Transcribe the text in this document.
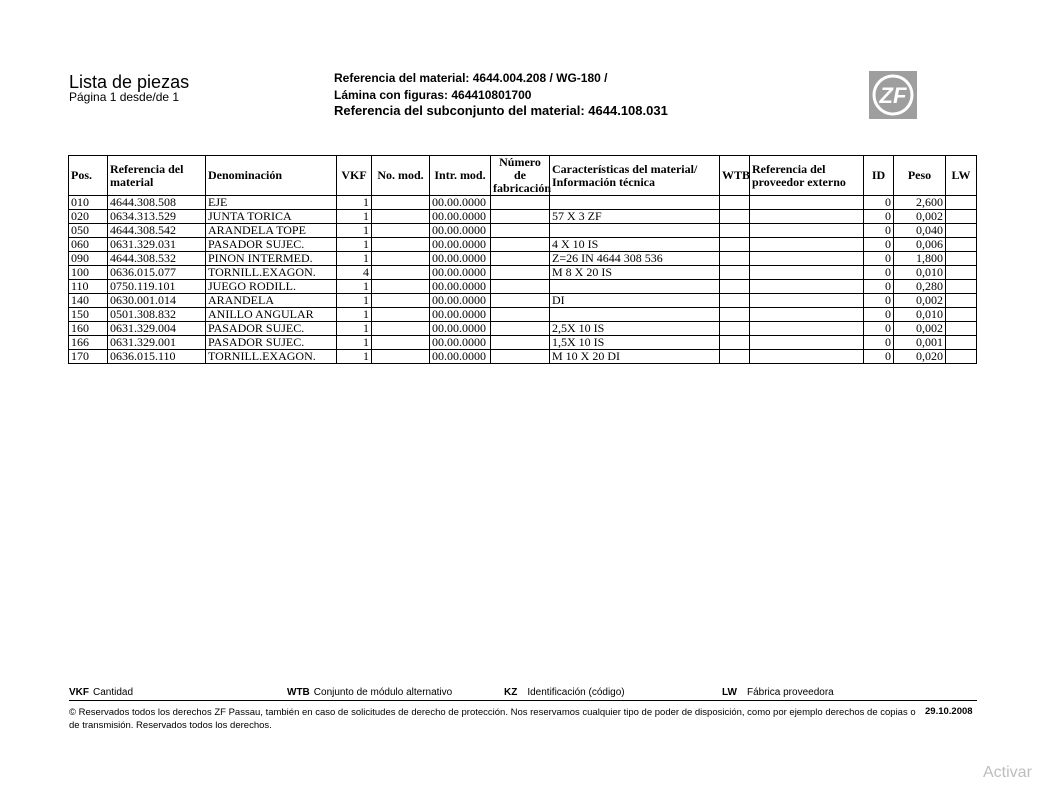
Lista de piezas
Página 1 desde/de 1
Referencia del material: 4644.004.208 / WG-180 /
Lámina con figuras: 464410801700
Referencia del subconjunto del material: 4644.108.031
ZF
Pos.	Referencia del material	Denominación	VKF	No. mod.	Intr. mod.	Número de fabricación	Características del material/ Información técnica	WTB	Referencia del proveedor externo	ID	Peso	LW
010	4644.308.508	EJE	1		00.00.0000					0	2,600	
020	0634.313.529	JUNTA TORICA	1		00.00.0000		57 X 3 ZF			0	0,002	
050	4644.308.542	ARANDELA TOPE	1		00.00.0000					0	0,040	
060	0631.329.031	PASADOR SUJEC.	1		00.00.0000		4 X 10 IS			0	0,006	
090	4644.308.532	PINON INTERMED.	1		00.00.0000		Z=26 IN 4644 308 536			0	1,800	
100	0636.015.077	TORNILL.EXAGON.	4		00.00.0000		M 8 X 20 IS			0	0,010	
110	0750.119.101	JUEGO RODILL.	1		00.00.0000					0	0,280	
140	0630.001.014	ARANDELA	1		00.00.0000		DI			0	0,002	
150	0501.308.832	ANILLO ANGULAR	1		00.00.0000					0	0,010	
160	0631.329.004	PASADOR SUJEC.	1		00.00.0000		2,5X 10 IS			0	0,002	
166	0631.329.001	PASADOR SUJEC.	1		00.00.0000		1,5X 10 IS			0	0,001	
170	0636.015.110	TORNILL.EXAGON.	1		00.00.0000		M 10 X 20 DI			0	0,020	
VKF Cantidad	WTB Conjunto de módulo alternativo	KZ Identificación (código)	LW Fábrica proveedora
© Reservados todos los derechos ZF Passau, también en caso de solicitudes de derecho de protección. Nos reservamos cualquier tipo de poder de disposición, como por ejemplo derechos de copias o de transmisión. Reservados todos los derechos.
29.10.2008
Activar
